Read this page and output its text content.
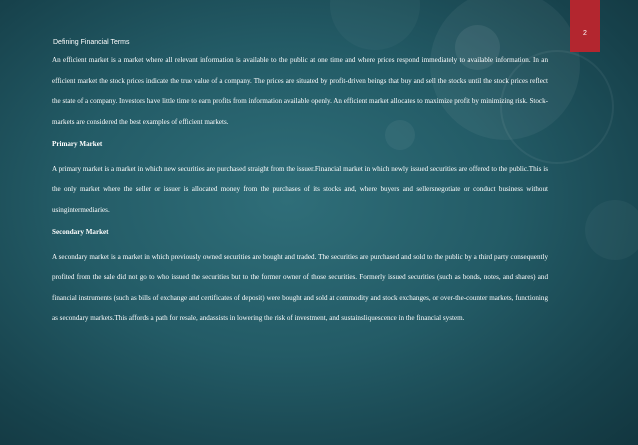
2
Defining Financial Terms

An efficient market is a market where all relevant information is available to the public at one time and where prices respond immediately to available information. In an efficient market the stock prices indicate the true value of a company. The prices are situated by profit-driven beings that buy and sell the stocks until the stock prices reflect the state of a company. Investors have little time to earn profits from information available openly. An efficient market allocates to maximize profit by minimizing risk. Stock-markets are considered the best examples of efficient markets.

Primary Market

A primary market is a market in which new securities are purchased straight from the issuer.Financial market in which newly issued securities are offered to the public.This is the only market where the seller or issuer is allocated money from the purchases of its stocks and, where buyers and sellersnegotiate or conduct business without usingintermediaries.

Secondary Market

A secondary market is a market in which previously owned securities are bought and traded. The securities are purchased and sold to the public by a third party consequently profited from the sale did not go to who issued the securities but to the former owner of those securities. Formerly issued securities (such as bonds, notes, and shares) and financial instruments (such as bills of exchange and certificates of deposit) were bought and sold at commodity and stock exchanges, or over-the-counter markets, functioning as secondary markets.This affords a path for resale, andassists in lowering the risk of investment, and sustainsliquescence in the financial system.
